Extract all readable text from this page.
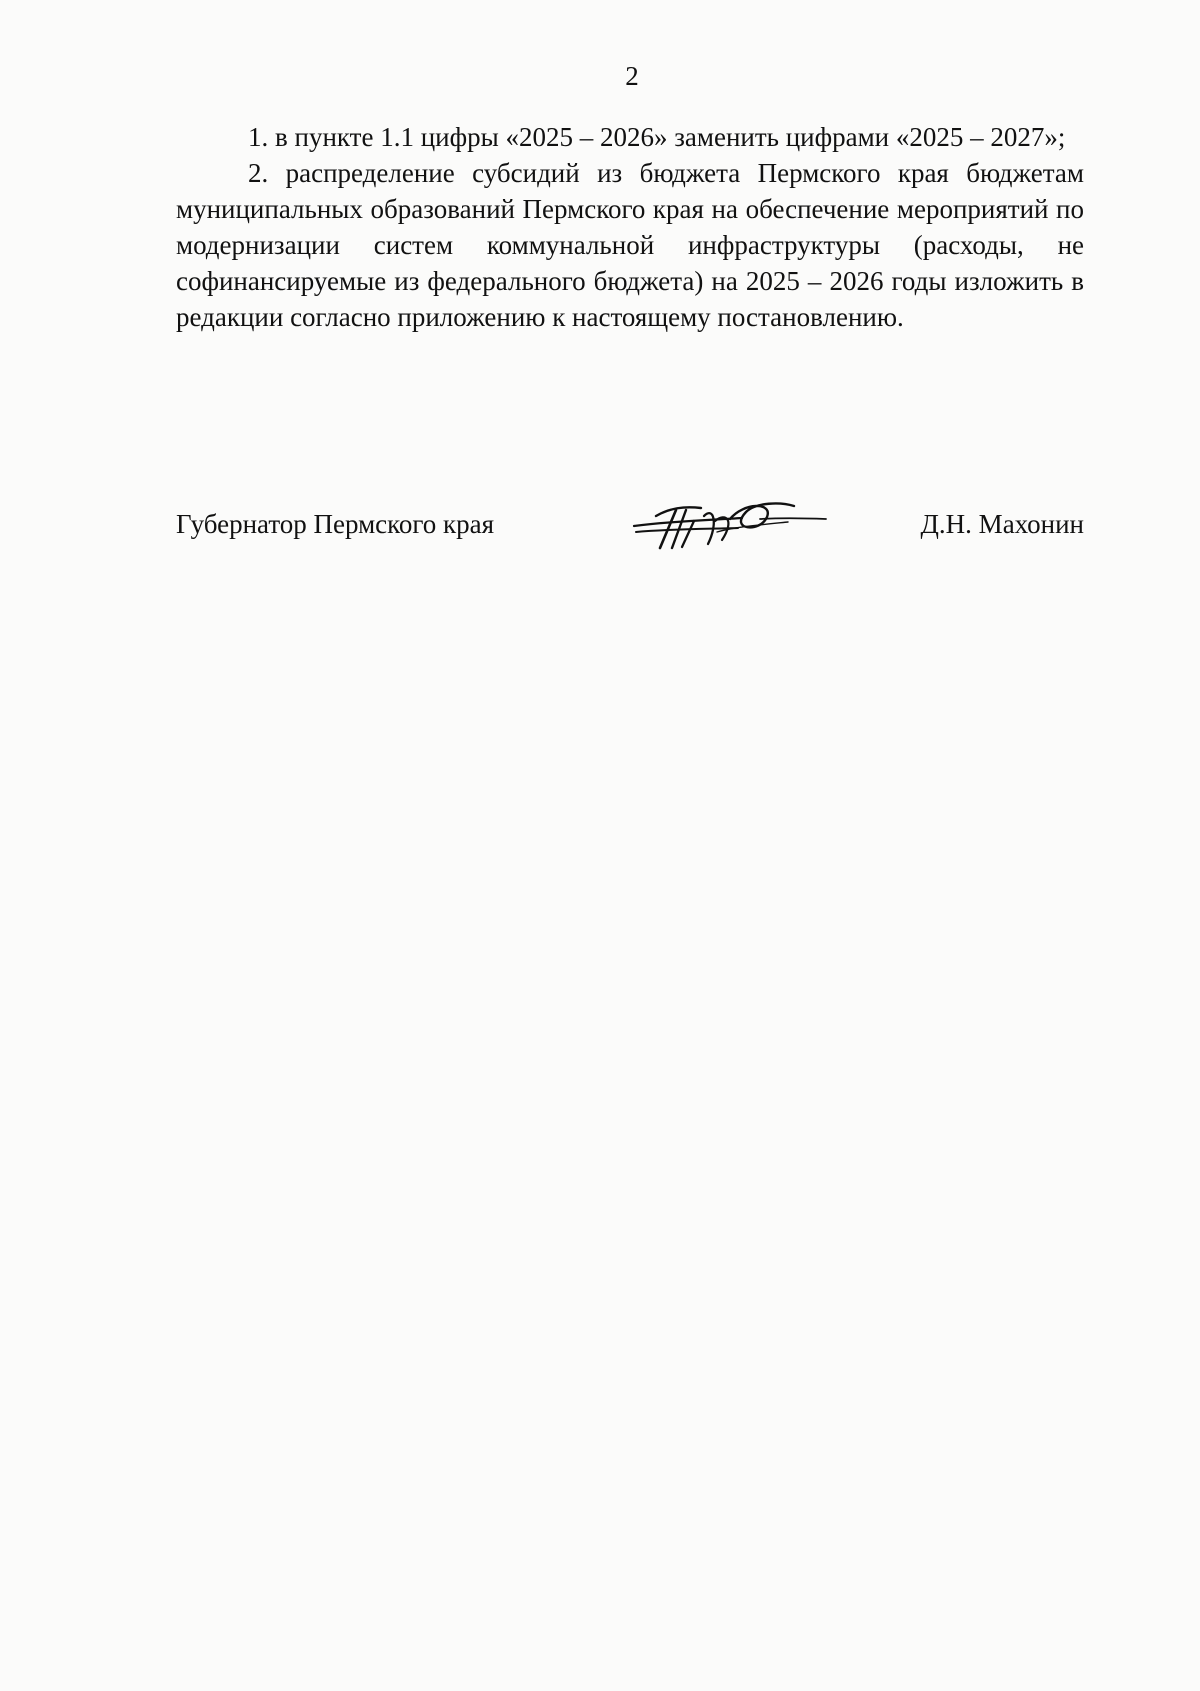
2

1. в пункте 1.1 цифры «2025 – 2026» заменить цифрами «2025 – 2027»;

2. распределение субсидий из бюджета Пермского края бюджетам муниципальных образований Пермского края на обеспечение мероприятий по модернизации систем коммунальной инфраструктуры (расходы, не софинансируемые из федерального бюджета) на 2025 – 2026 годы изложить в редакции согласно приложению к настоящему постановлению.

Губернатор Пермского края	Д.Н. Махонин
